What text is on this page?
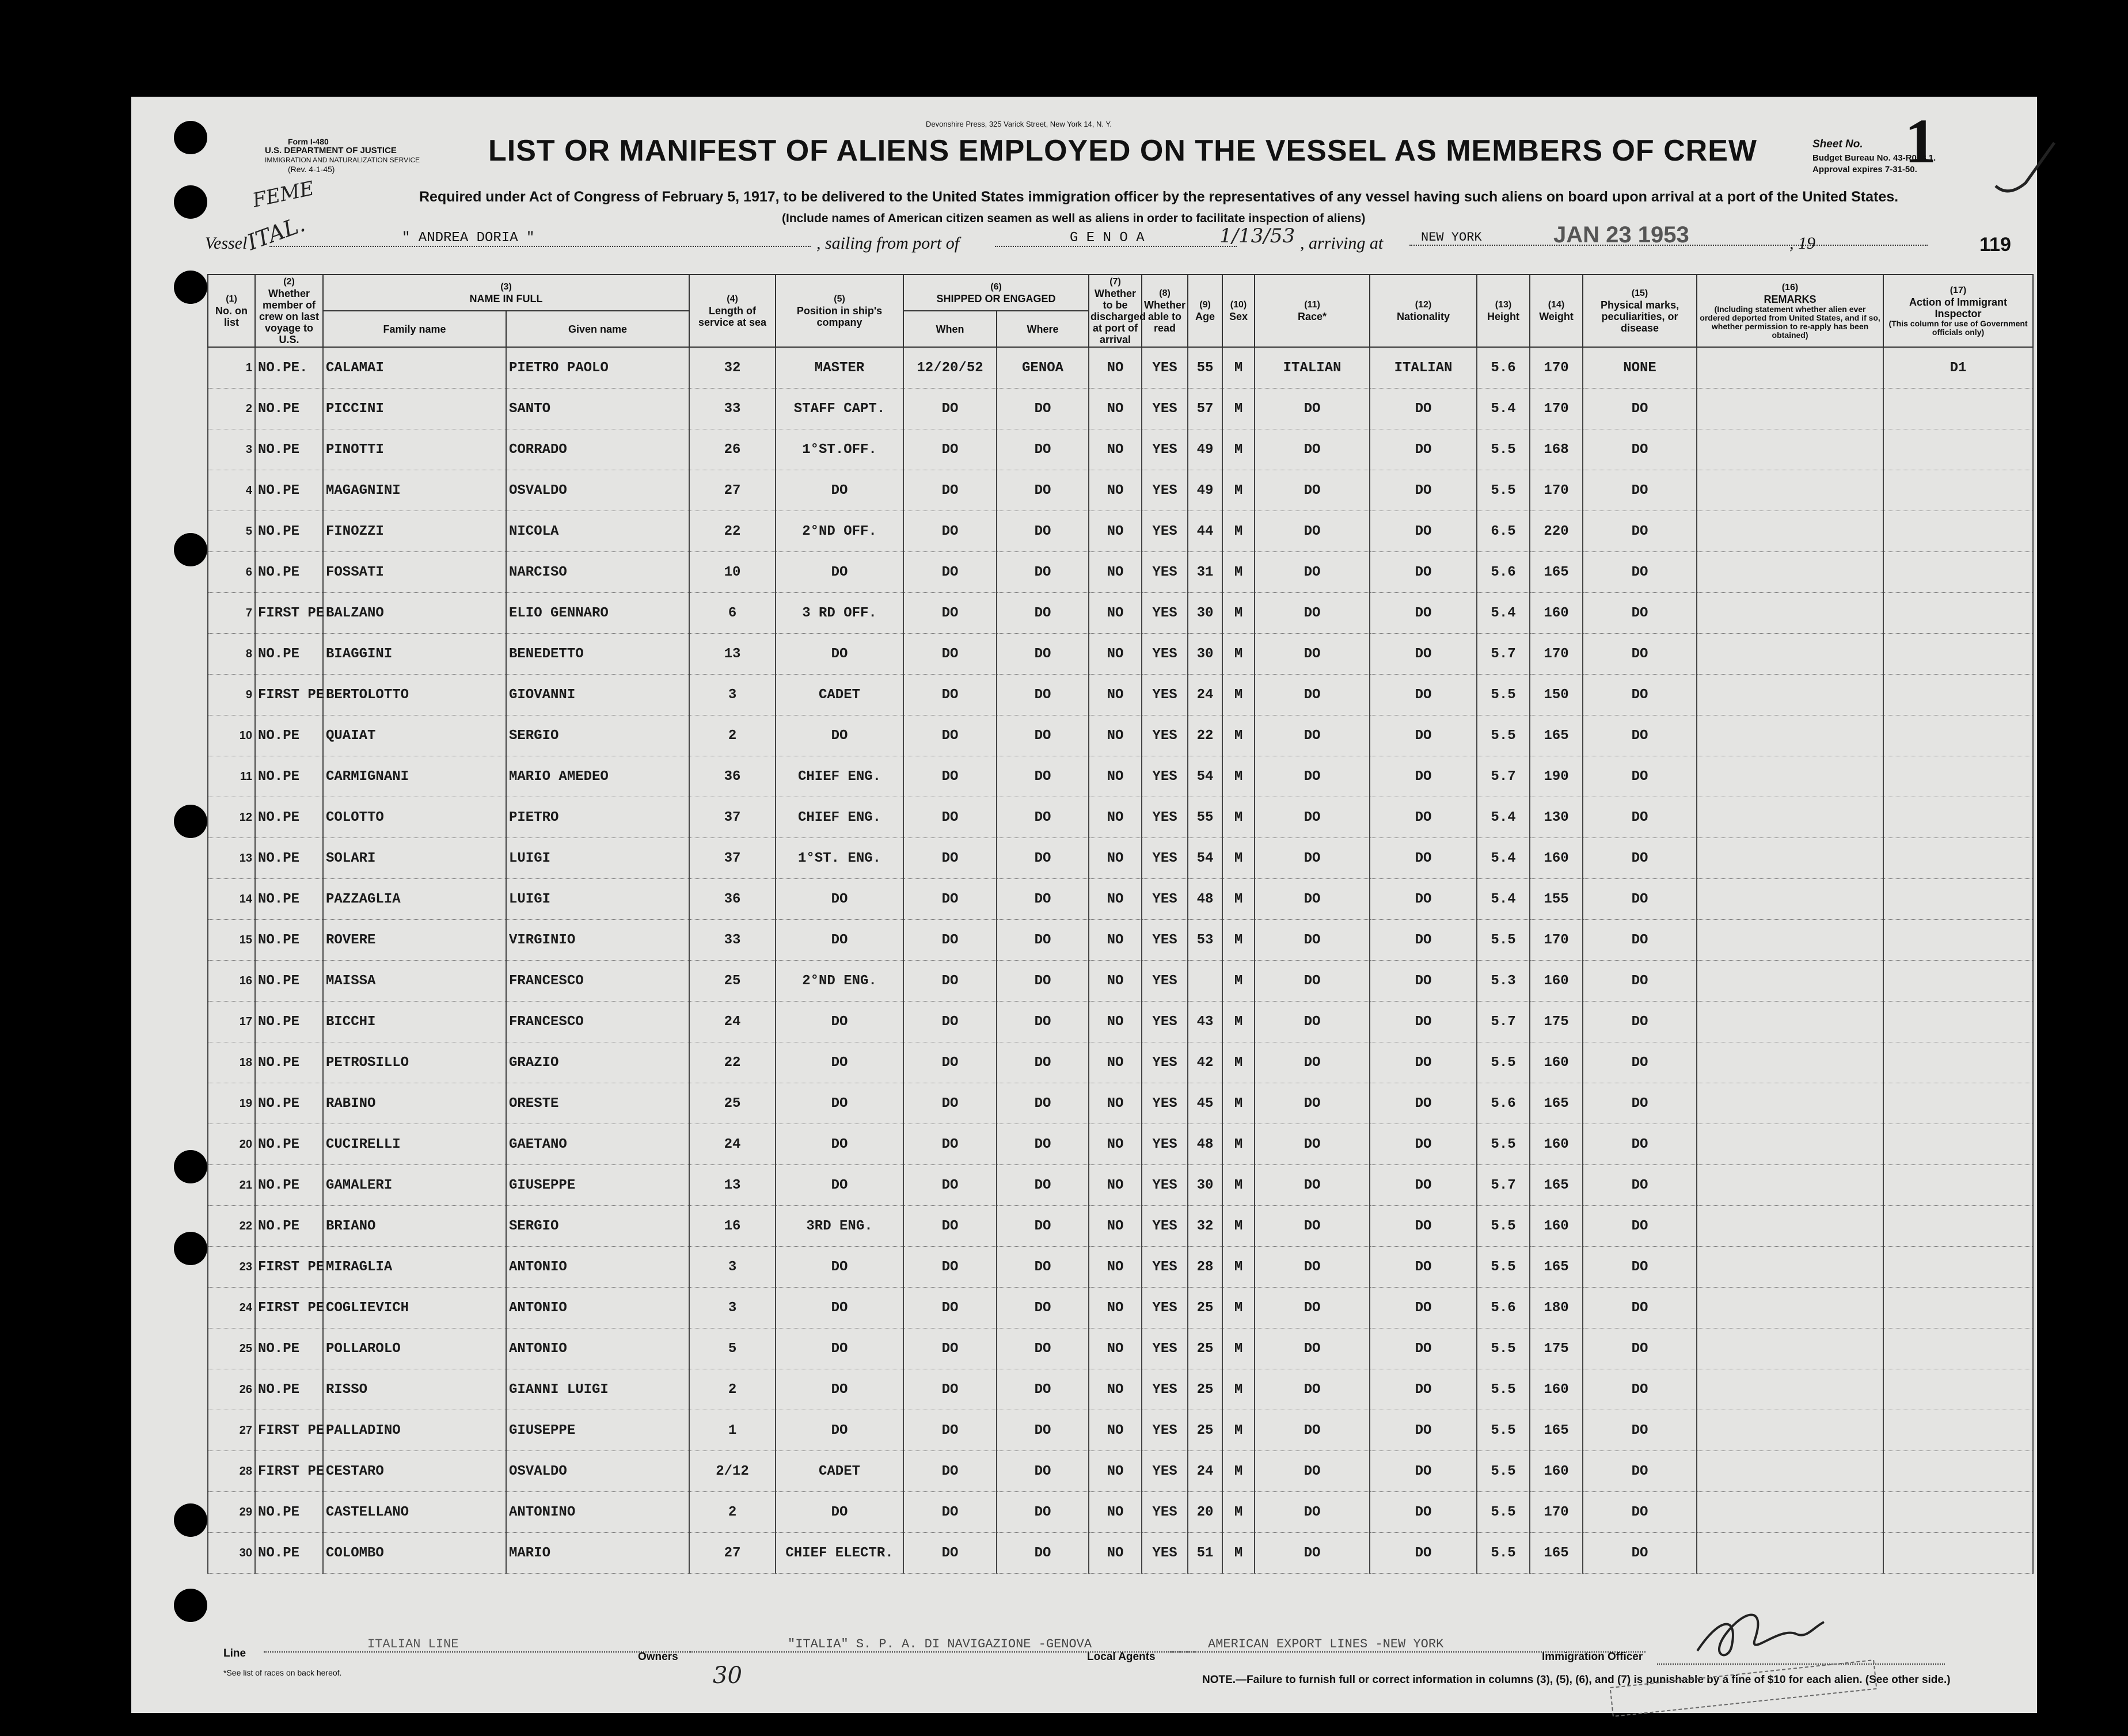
Form I-480
U.S. DEPARTMENT OF JUSTICE
IMMIGRATION AND NATURALIZATION SERVICE
(Rev. 4-1-45)
FEME
ITAL.
Devonshire Press, 325 Varick Street, New York 14, N. Y.
LIST OR MANIFEST OF ALIENS EMPLOYED ON THE VESSEL AS MEMBERS OF CREW
Required under Act of Congress of February 5, 1917, to be delivered to the United States immigration officer by the representatives of any vessel having such aliens on board upon arrival at a port of the United States.
(Include names of American citizen seamen as well as aliens in order to facilitate inspection of aliens)
Sheet No. 1
Budget Bureau No. 43-R068.1.
Approval expires 7-31-50.
Vessel	" ANDREA DORIA "	, sailing from port of	G E N O A	1/13/53 , arriving at	NEW YORK	JAN 23 1953	, 19	119
(1)
No. on list	(2)
Whether member of crew on last voyage to U.S.	(3)
NAME IN FULL		(4)
Length of service at sea	(5)
Position in ship's company	(6)
SHIPPED OR ENGAGED		(7)
Whether to be discharged at port of arrival	(8)
Whether able to read	(9)
Age	(10)
Sex	(11)
Race*	(12)
Nationality	(13)
Height	(14)
Weight	(15)
Physical marks, peculiarities, or disease	(16)
REMARKS
(Including statement whether alien ever ordered deported from United States, and if so, whether permission to re-apply has been obtained)	(17)
Action of Immigrant Inspector
(This column for use of Government officials only)

		Family name	Given name			When	Where											
1	NO.PE.	CALAMAI	PIETRO PAOLO	32	MASTER	12/20/52	GENOA	NO	YES	55	M	ITALIAN	ITALIAN	5.6	170	NONE		D1
2	NO.PE	PICCINI	SANTO	33	STAFF CAPT.	DO	DO	NO	YES	57	M	DO	DO	5.4	170	DO		
3	NO.PE	PINOTTI	CORRADO	26	1°ST.OFF.	DO	DO	NO	YES	49	M	DO	DO	5.5	168	DO		
4	NO.PE	MAGAGNINI	OSVALDO	27	DO	DO	DO	NO	YES	49	M	DO	DO	5.5	170	DO		
5	NO.PE	FINOZZI	NICOLA	22	2°ND OFF.	DO	DO	NO	YES	44	M	DO	DO	6.5	220	DO		
6	NO.PE	FOSSATI	NARCISO	10	DO	DO	DO	NO	YES	31	M	DO	DO	5.6	165	DO		
7	FIRST PE.	BALZANO	ELIO GENNARO	6	3 RD OFF.	DO	DO	NO	YES	30	M	DO	DO	5.4	160	DO		
8	NO.PE	BIAGGINI	BENEDETTO	13	DO	DO	DO	NO	YES	30	M	DO	DO	5.7	170	DO		
9	FIRST PE	BERTOLOTTO	GIOVANNI	3	CADET	DO	DO	NO	YES	24	M	DO	DO	5.5	150	DO		
10	NO.PE	QUAIAT	SERGIO	2	DO	DO	DO	NO	YES	22	M	DO	DO	5.5	165	DO		
11	NO.PE	CARMIGNANI	MARIO AMEDEO	36	CHIEF ENG.	DO	DO	NO	YES	54	M	DO	DO	5.7	190	DO		
12	NO.PE	COLOTTO	PIETRO	37	CHIEF ENG.	DO	DO	NO	YES	55	M	DO	DO	5.4	130	DO		
13	NO.PE	SOLARI	LUIGI	37	1°ST. ENG.	DO	DO	NO	YES	54	M	DO	DO	5.4	160	DO		
14	NO.PE	PAZZAGLIA	LUIGI	36	DO	DO	DO	NO	YES	48	M	DO	DO	5.4	155	DO		
15	NO.PE	ROVERE	VIRGINIO	33	DO	DO	DO	NO	YES	53	M	DO	DO	5.5	170	DO		
16	NO.PE	MAISSA	FRANCESCO	25	2°ND ENG.	DO	DO	NO	YES		M	DO	DO	5.3	160	DO		
17	NO.PE	BICCHI	FRANCESCO	24	DO	DO	DO	NO	YES	43	M	DO	DO	5.7	175	DO		
18	NO.PE	PETROSILLO	GRAZIO	22	DO	DO	DO	NO	YES	42	M	DO	DO	5.5	160	DO		
19	NO.PE	RABINO	ORESTE	25	DO	DO	DO	NO	YES	45	M	DO	DO	5.6	165	DO		
20	NO.PE	CUCIRELLI	GAETANO	24	DO	DO	DO	NO	YES	48	M	DO	DO	5.5	160	DO		
21	NO.PE	GAMALERI	GIUSEPPE	13	DO	DO	DO	NO	YES	30	M	DO	DO	5.7	165	DO		
22	NO.PE	BRIANO	SERGIO	16	3RD ENG.	DO	DO	NO	YES	32	M	DO	DO	5.5	160	DO		
23	FIRST PE	MIRAGLIA	ANTONIO	3	DO	DO	DO	NO	YES	28	M	DO	DO	5.5	165	DO		
24	FIRST PE	COGLIEVICH	ANTONIO	3	DO	DO	DO	NO	YES	25	M	DO	DO	5.6	180	DO		
25	NO.PE	POLLAROLO	ANTONIO	5	DO	DO	DO	NO	YES	25	M	DO	DO	5.5	175	DO		
26	NO.PE	RISSO	GIANNI LUIGI	2	DO	DO	DO	NO	YES	25	M	DO	DO	5.5	160	DO		
27	FIRST PE	PALLADINO	GIUSEPPE	1	DO	DO	DO	NO	YES	25	M	DO	DO	5.5	165	DO		
28	FIRST PE	CESTARO	OSVALDO	2/12	CADET	DO	DO	NO	YES	24	M	DO	DO	5.5	160	DO		
29	NO.PE	CASTELLANO	ANTONINO	2	DO	DO	DO	NO	YES	20	M	DO	DO	5.5	170	DO		
30	NO.PE	COLOMBO	MARIO	27	CHIEF ELECTR.	DO	DO	NO	YES	51	M	DO	DO	5.5	165	DO		
Line
ITALIAN LINE
Owners
"ITALIA" S. P. A. DI NAVIGAZIONE -GENOVA
Local Agents
AMERICAN EXPORT LINES -NEW YORK
Immigration Officer
*See list of races on back hereof.
NOTE.—Failure to furnish full or correct information in columns (3), (5), (6), and (7) is punishable by a fine of $10 for each alien. (See other side.)
30
